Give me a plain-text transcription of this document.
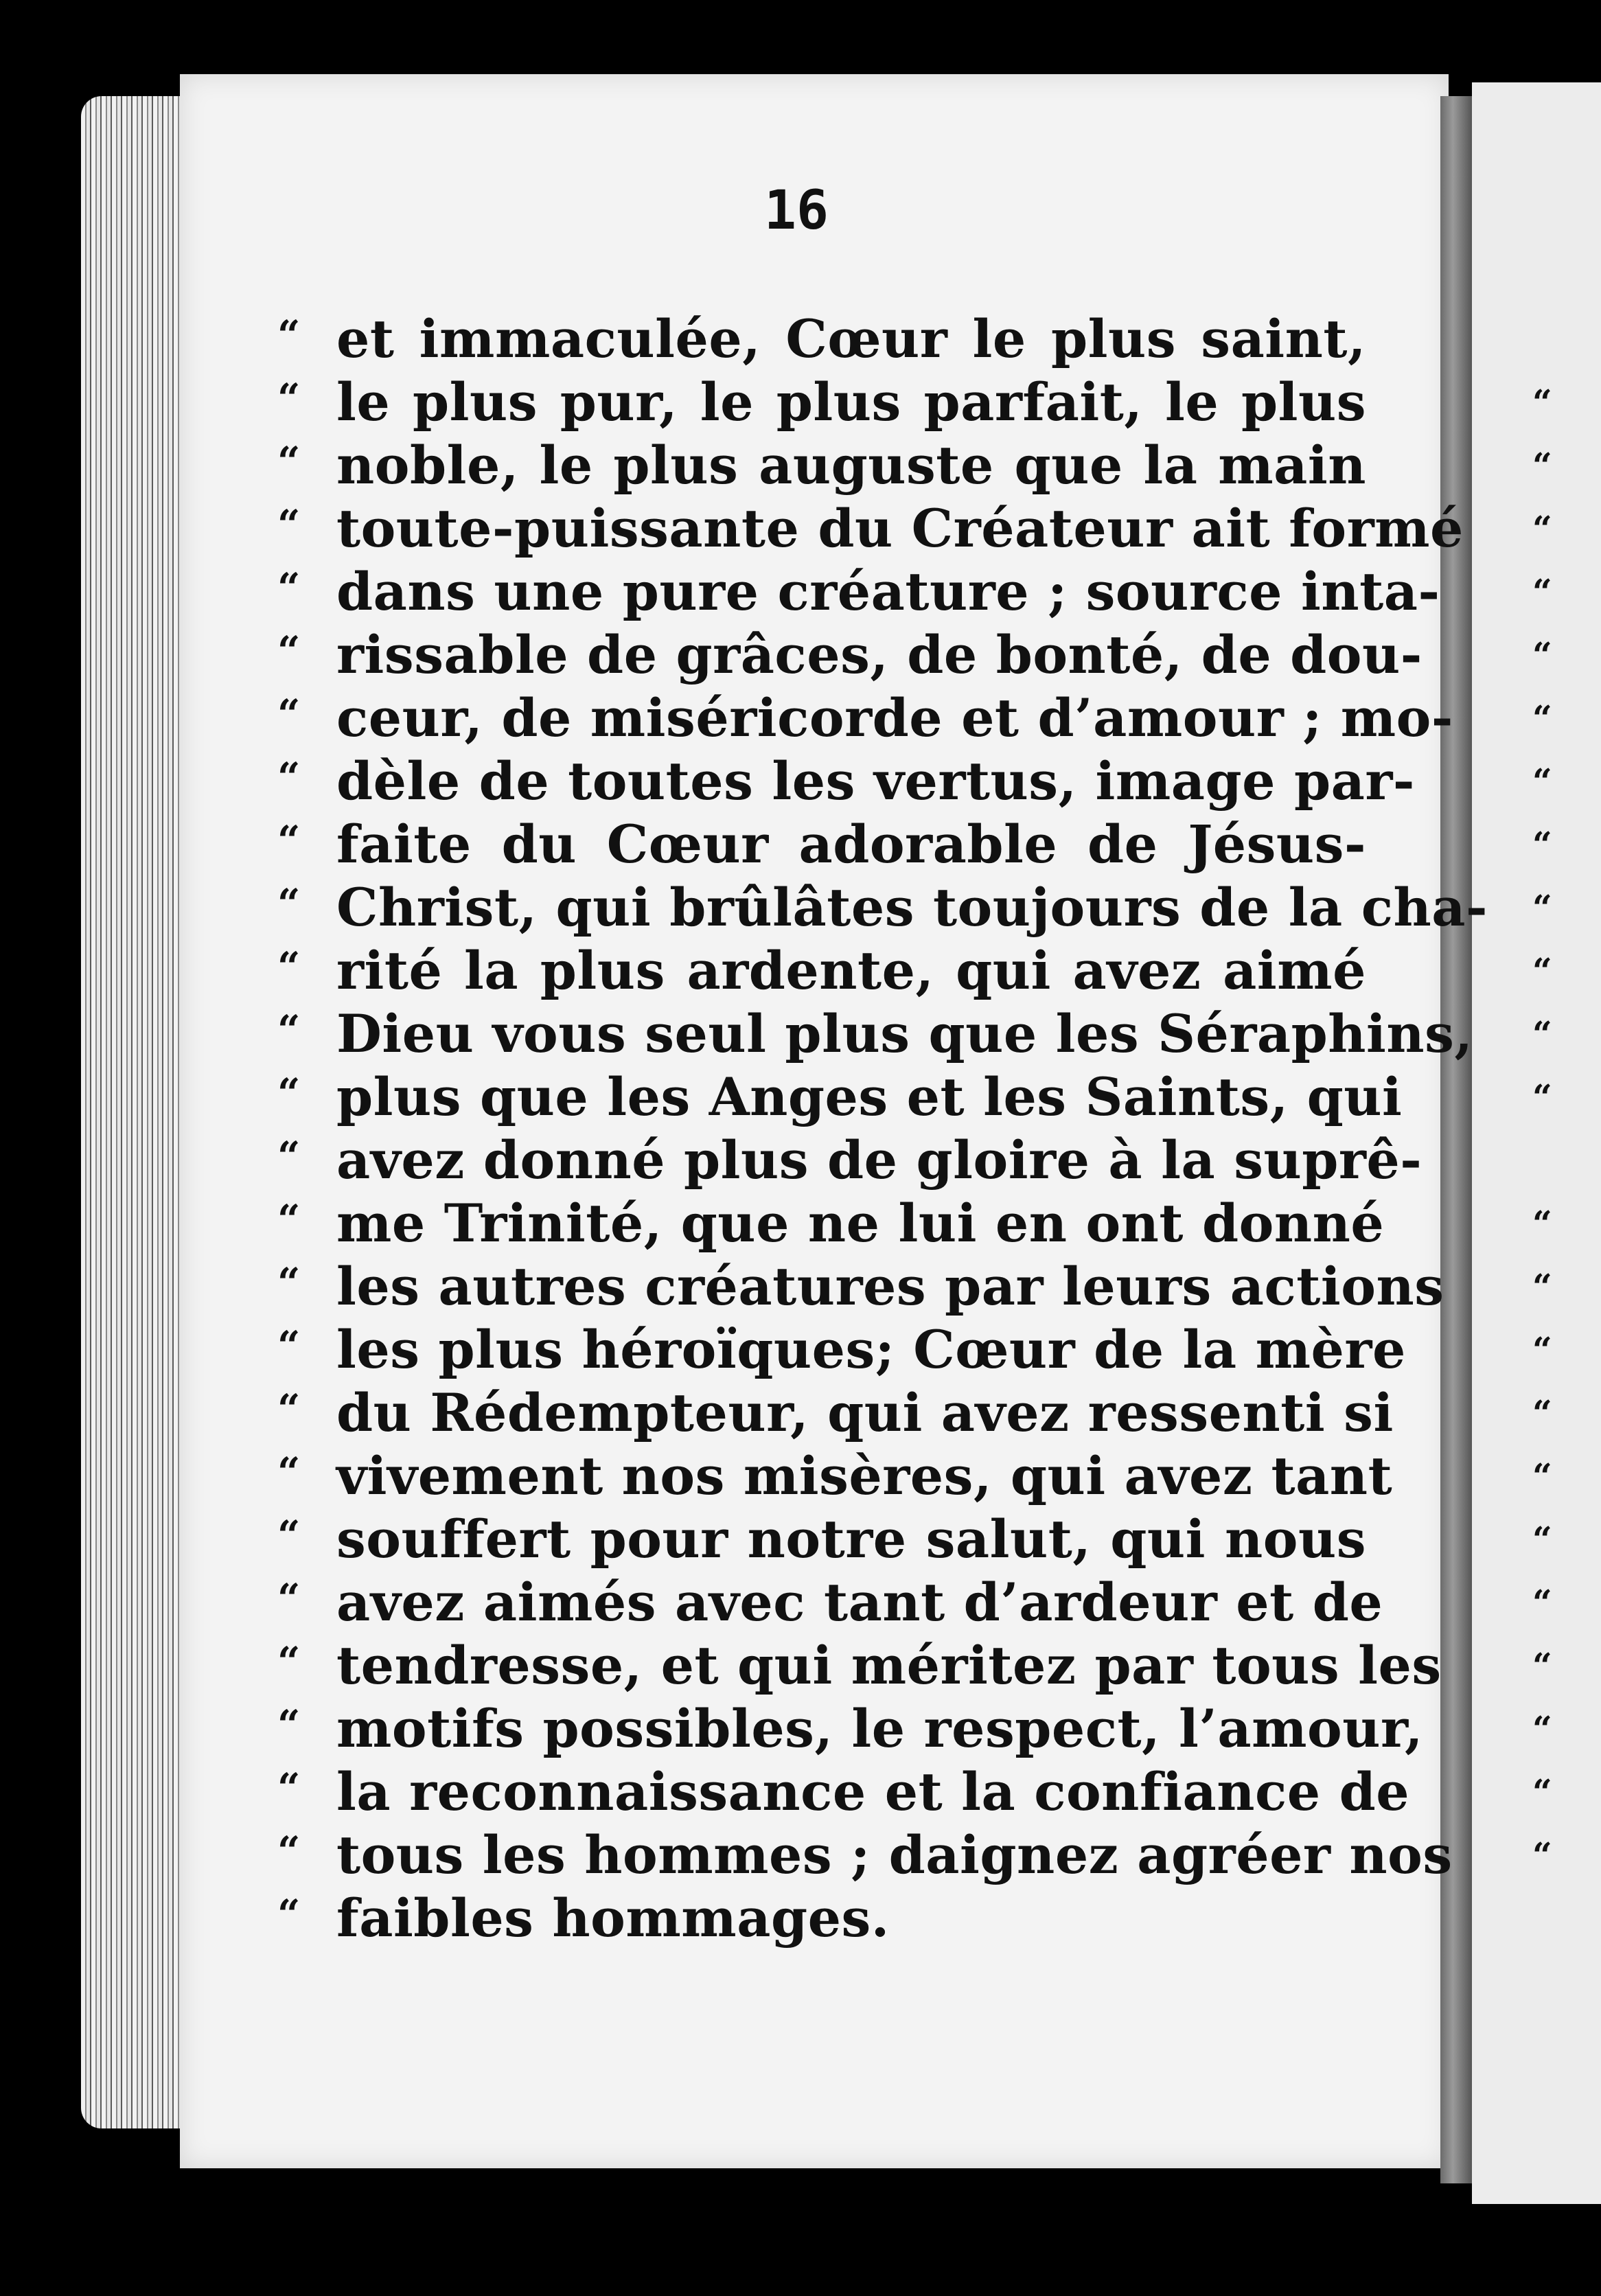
16
“ et immaculée, Cœur le plus saint,
“ le plus pur, le plus parfait, le plus
“ noble, le plus auguste que la main
“ toute-puissante du Créateur ait formé
“ dans une pure créature ; source inta-
“ rissable de grâces, de bonté, de dou-
“ ceur, de miséricorde et d’amour ; mo-
“ dèle de toutes les vertus, image par-
“ faite du Cœur adorable de Jésus-
“ Christ, qui brûlâtes toujours de la cha-
“ rité la plus ardente, qui avez aimé
“ Dieu vous seul plus que les Séraphins,
“ plus que les Anges et les Saints, qui
“ avez donné plus de gloire à la suprê-
“ me Trinité, que ne lui en ont donné
“ les autres créatures par leurs actions
“ les plus héroïques; Cœur de la mère
“ du Rédempteur, qui avez ressenti si
“ vivement nos misères, qui avez tant
“ souffert pour notre salut, qui nous
“ avez aimés avec tant d’ardeur et de
“ tendresse, et qui méritez par tous les
“ motifs possibles, le respect, l’amour,
“ la reconnaissance et la confiance de
“ tous les hommes ; daignez agréer nos
“ faibles hommages.
“
“
“
“
“
“
“
“
“
“
“
“
“
“
“
“
“
“
“
“
“
“
“
